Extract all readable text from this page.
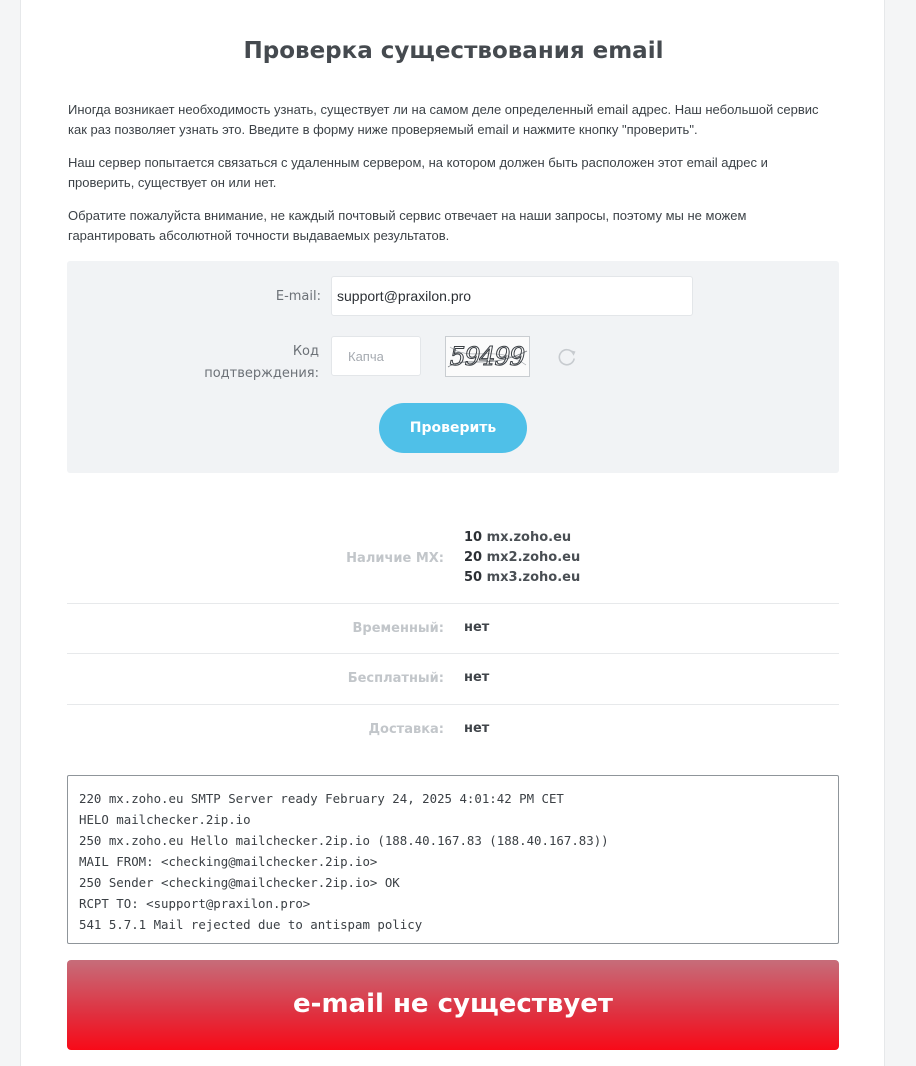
Проверка существования email

Иногда возникает необходимость узнать, существует ли на самом деле определенный email адрес. Наш небольшой сервис как раз позволяет узнать это. Введите в форму ниже проверяемый email и нажмите кнопку "проверить".

Наш сервер попытается связаться с удаленным сервером, на котором должен быть расположен этот email адрес и проверить, существует он или нет.

Обратите пожалуйста внимание, не каждый почтовый сервис отвечает на наши запросы, поэтому мы не можем гарантировать абсолютной точности выдаваемых результатов.

E-mail:
support@praxilon.pro
Код
подтверждения:
Капча
59499
Проверить
Наличие MX:
10 mx.zoho.eu
20 mx2.zoho.eu
50 mx3.zoho.eu
Временный: нет
Бесплатный: нет
Доставка: нет
220 mx.zoho.eu SMTP Server ready February 24, 2025 4:01:42 PM CET
HELO mailchecker.2ip.io
250 mx.zoho.eu Hello mailchecker.2ip.io (188.40.167.83 (188.40.167.83))
MAIL FROM: <checking@mailchecker.2ip.io>
250 Sender <checking@mailchecker.2ip.io> OK
RCPT TO: <support@praxilon.pro>
541 5.7.1 Mail rejected due to antispam policy
e-mail не существует
